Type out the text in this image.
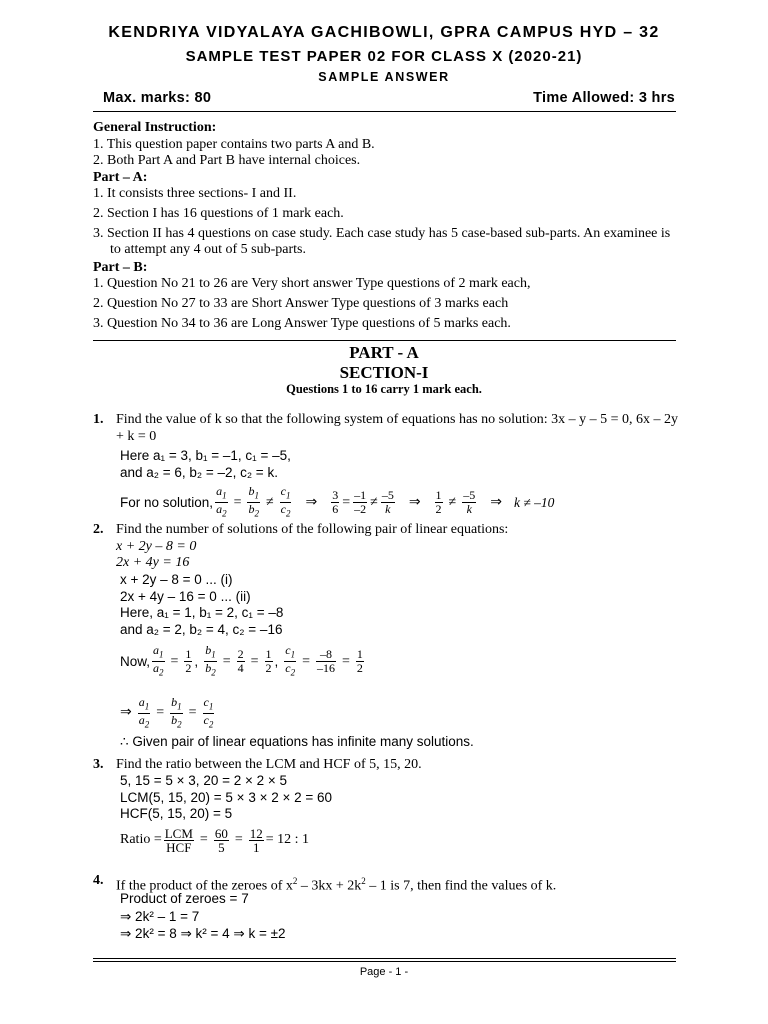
KENDRIYA VIDYALAYA GACHIBOWLI, GPRA CAMPUS HYD – 32
SAMPLE TEST PAPER 02 FOR CLASS X (2020-21)
SAMPLE ANSWER
Max. marks: 80	Time Allowed: 3 hrs

General Instruction:

1. This question paper contains two parts A and B.

2. Both Part A and Part B have internal choices.

Part – A:

1. It consists three sections- I and II.

2. Section I has 16 questions of 1 mark each.

3. Section II has 4 questions on case study. Each case study has 5 case-based sub-parts. An examinee is to attempt any 4 out of 5 sub-parts.

Part – B:

1. Question No 21 to 26 are Very short answer Type questions of 2 mark each,

2. Question No 27 to 33 are Short Answer Type questions of 3 marks each

3. Question No 34 to 36 are Long Answer Type questions of 5 marks each.

PART - A
SECTION-I
Questions 1 to 16 carry 1 mark each.
1. Find the value of k so that the following system of equations has no solution: 3x – y – 5 = 0, 6x – 2y + k = 0
Here a₁ = 3, b₁ = –1, c₁ = –5,
and a₂ = 6, b₂ = –2, c₂ = k.
For no solution, $\frac{a_1}{a_2} = \frac{b_1}{b_2} \ne \frac{c_1}{c_2}$ ⇒ $\frac{3}{6} = \frac{-1}{-2} \ne \frac{-5}{k}$ ⇒ $\frac{1}{2} \ne \frac{-5}{k}$ ⇒ k ≠ –10
2. Find the number of solutions of the following pair of linear equations:
x + 2y – 8 = 0
2x + 4y = 16
x + 2y – 8 = 0 ... (i)
2x + 4y – 16 = 0 ... (ii)
Here, a₁ = 1, b₁ = 2, c₁ = –8
and a₂ = 2, b₂ = 4, c₂ = –16
Now, $\frac{a_1}{a_2} = \frac{1}{2}$ , $\frac{b_1}{b_2} = \frac{2}{4} = \frac{1}{2}$ , $\frac{c_1}{c_2} = \frac{-8}{-16} = \frac{1}{2}$
⇒ $\frac{a_1}{a_2} = \frac{b_1}{b_2} = \frac{c_1}{c_2}$
∴ Given pair of linear equations has infinite many solutions.
3. Find the ratio between the LCM and HCF of 5, 15, 20.
5, 15 = 5 × 3, 20 = 2 × 2 × 5
LCM(5, 15, 20) = 5 × 3 × 2 × 2 = 60
HCF(5, 15, 20) = 5
Ratio = $\frac{\text{LCM}}{\text{HCF}} = \frac{60}{5} = \frac{12}{1} = 12$ : 1
4. If the product of the zeroes of $x^2 - 3kx + 2k^2 - 1$ is 7, then find the values of k.
Product of zeroes = 7
⇒ 2k² – 1 = 7
⇒ 2k² = 8 ⇒ k² = 4 ⇒ k = ±2
Page - 1 -
